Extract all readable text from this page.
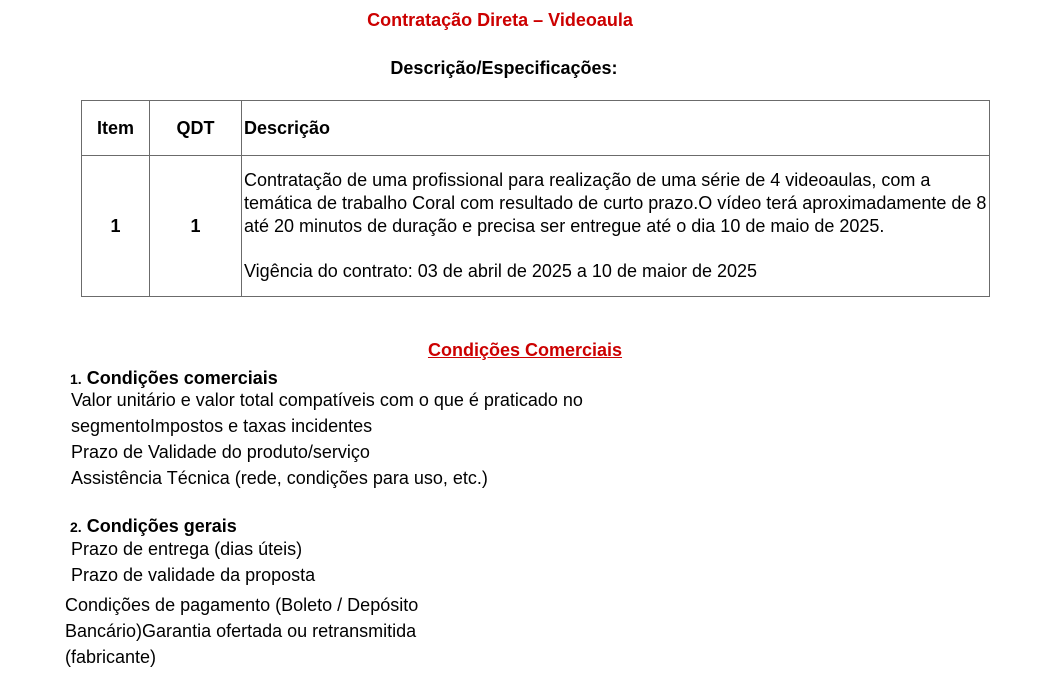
Contratação Direta – Videoaula
Descrição/Especificações:
Item	QDT	Descrição
1	1	Contratação de uma profissional para realização de uma série de 4 videoaulas, com a temática de trabalho Coral com resultado de curto prazo.O vídeo terá aproximadamente de 8 até 20 minutos de duração e precisa ser entregue até o dia 10 de maio de 2025.
Vigência do contrato: 03 de abril de 2025 a 10 de maior de 2025
Condições Comerciais
1. Condições comerciais
Valor unitário e valor total compatíveis com o que é praticado no
segmentoImpostos e taxas incidentes
Prazo de Validade do produto/serviço
Assistência Técnica (rede, condições para uso, etc.)
2. Condições gerais
Prazo de entrega (dias úteis)
Prazo de validade da proposta
Condições de pagamento (Boleto / Depósito
Bancário)Garantia ofertada ou retransmitida
(fabricante)
